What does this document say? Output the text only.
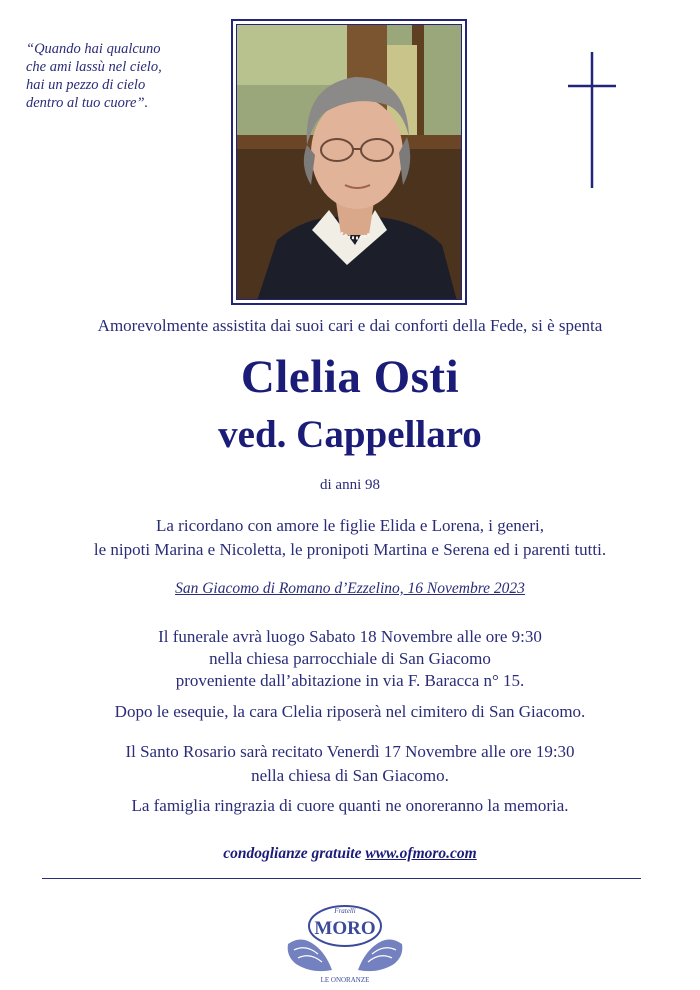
“Quando hai qualcuno
che ami lassù nel cielo,
hai un pezzo di cielo
dentro al tuo cuore”.
Amorevolmente assistita dai suoi cari e dai conforti della Fede, si è spenta
Clelia Osti
ved. Cappellaro
di anni 98
La ricordano con amore le figlie Elida e Lorena, i generi,
le nipoti Marina e Nicoletta, le pronipoti Martina e Serena ed i parenti tutti.
San Giacomo di Romano d’Ezzelino, 16 Novembre 2023
Il funerale avrà luogo Sabato 18 Novembre alle ore 9:30
nella chiesa parrocchiale di San Giacomo
proveniente dall’abitazione in via F. Baracca n° 15.
Dopo le esequie, la cara Clelia riposerà nel cimitero di San Giacomo.
Il Santo Rosario sarà recitato Venerdì 17 Novembre alle ore 19:30
nella chiesa di San Giacomo.
La famiglia ringrazia di cuore quanti ne onoreranno la memoria.
condoglianze gratuite www.ofmoro.com
Fratelli
MORO
LE ONORANZE
